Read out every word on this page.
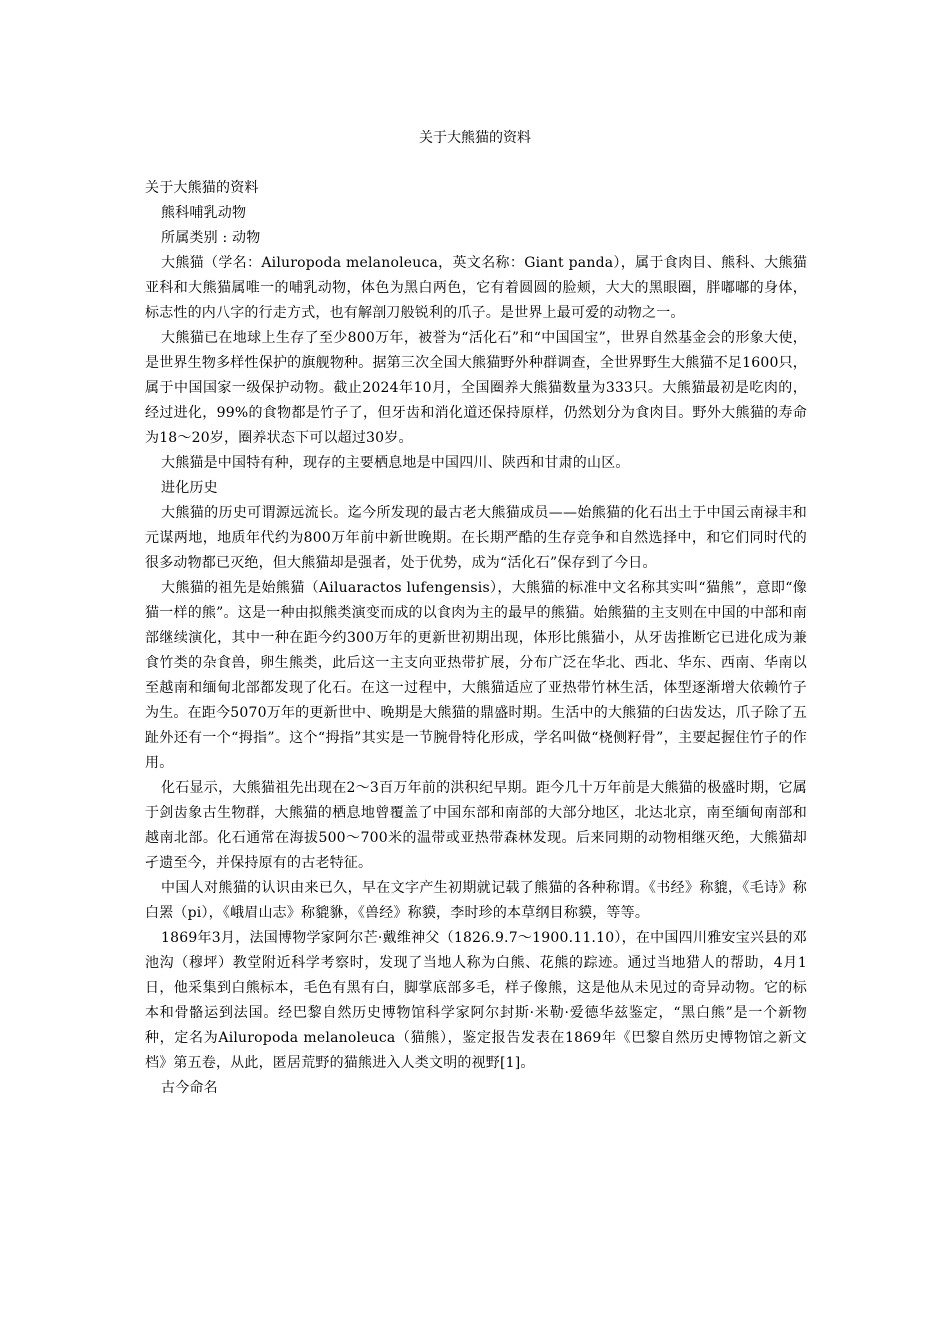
关于大熊猫的资料

关于大熊猫的资料

熊科哺乳动物

所属类别 : 动物

大熊猫（学名：Ailuropoda melanoleuca，英文名称：Giant panda），属于食肉目、熊科、大熊猫亚科和大熊猫属唯一的哺乳动物，体色为黑白两色，它有着圆圆的脸颊，大大的黑眼圈，胖嘟嘟的身体，标志性的内八字的行走方式，也有解剖刀般锐利的爪子。是世界上最可爱的动物之一。

大熊猫已在地球上生存了至少800万年，被誉为“活化石”和“中国国宝”，世界自然基金会的形象大使，是世界生物多样性保护的旗舰物种。据第三次全国大熊猫野外种群调查，全世界野生大熊猫不足1600只，属于中国国家一级保护动物。截止2024年10月，全国圈养大熊猫数量为333只。大熊猫最初是吃肉的，经过进化，99%的食物都是竹子了，但牙齿和消化道还保持原样，仍然划分为食肉目。野外大熊猫的寿命为18～20岁，圈养状态下可以超过30岁。

大熊猫是中国特有种，现存的主要栖息地是中国四川、陕西和甘肃的山区。

进化历史

大熊猫的历史可谓源远流长。迄今所发现的最古老大熊猫成员——始熊猫的化石出土于中国云南禄丰和元谋两地，地质年代约为800万年前中新世晚期。在长期严酷的生存竞争和自然选择中，和它们同时代的很多动物都已灭绝，但大熊猫却是强者，处于优势，成为“活化石”保存到了今日。

大熊猫的祖先是始熊猫（Ailuaractos lufengensis），大熊猫的标准中文名称其实叫“猫熊”，意即“像猫一样的熊”。这是一种由拟熊类演变而成的以食肉为主的最早的熊猫。始熊猫的主支则在中国的中部和南部继续演化，其中一种在距今约300万年的更新世初期出现，体形比熊猫小，从牙齿推断它已进化成为兼食竹类的杂食兽，卵生熊类，此后这一主支向亚热带扩展，分布广泛在华北、西北、华东、西南、华南以至越南和缅甸北部都发现了化石。在这一过程中，大熊猫适应了亚热带竹林生活，体型逐渐增大依赖竹子为生。在距今5070万年的更新世中、晚期是大熊猫的鼎盛时期。生活中的大熊猫的臼齿发达，爪子除了五趾外还有一个“拇指”。这个“拇指”其实是一节腕骨特化形成，学名叫做“桡侧籽骨”，主要起握住竹子的作用。

化石显示，大熊猫祖先出现在2～3百万年前的洪积纪早期。距今几十万年前是大熊猫的极盛时期，它属于剑齿象古生物群，大熊猫的栖息地曾覆盖了中国东部和南部的大部分地区，北达北京，南至缅甸南部和越南北部。化石通常在海拔500～700米的温带或亚热带森林发现。后来同期的动物相继灭绝，大熊猫却孑遗至今，并保持原有的古老特征。

中国人对熊猫的认识由来已久，早在文字产生初期就记载了熊猫的各种称谓。《书经》称貔，《毛诗》称白罴（pi），《峨眉山志》称貔貅，《兽经》称貘，李时珍的本草纲目称貘，等等。

1869年3月，法国博物学家阿尔芒·戴维神父（1826.9.7～1900.11.10），在中国四川雅安宝兴县的邓池沟（穆坪）教堂附近科学考察时，发现了当地人称为白熊、花熊的踪迹。通过当地猎人的帮助，4月1日，他采集到白熊标本，毛色有黑有白，脚掌底部多毛，样子像熊，这是他从未见过的奇异动物。它的标本和骨骼运到法国。经巴黎自然历史博物馆科学家阿尔封斯·米勒·爱德华兹鉴定，“黑白熊”是一个新物种，定名为Ailuropoda melanoleuca（猫熊），鉴定报告发表在1869年《巴黎自然历史博物馆之新文档》第五卷，从此，匿居荒野的猫熊进入人类文明的视野[1]。

古今命名
